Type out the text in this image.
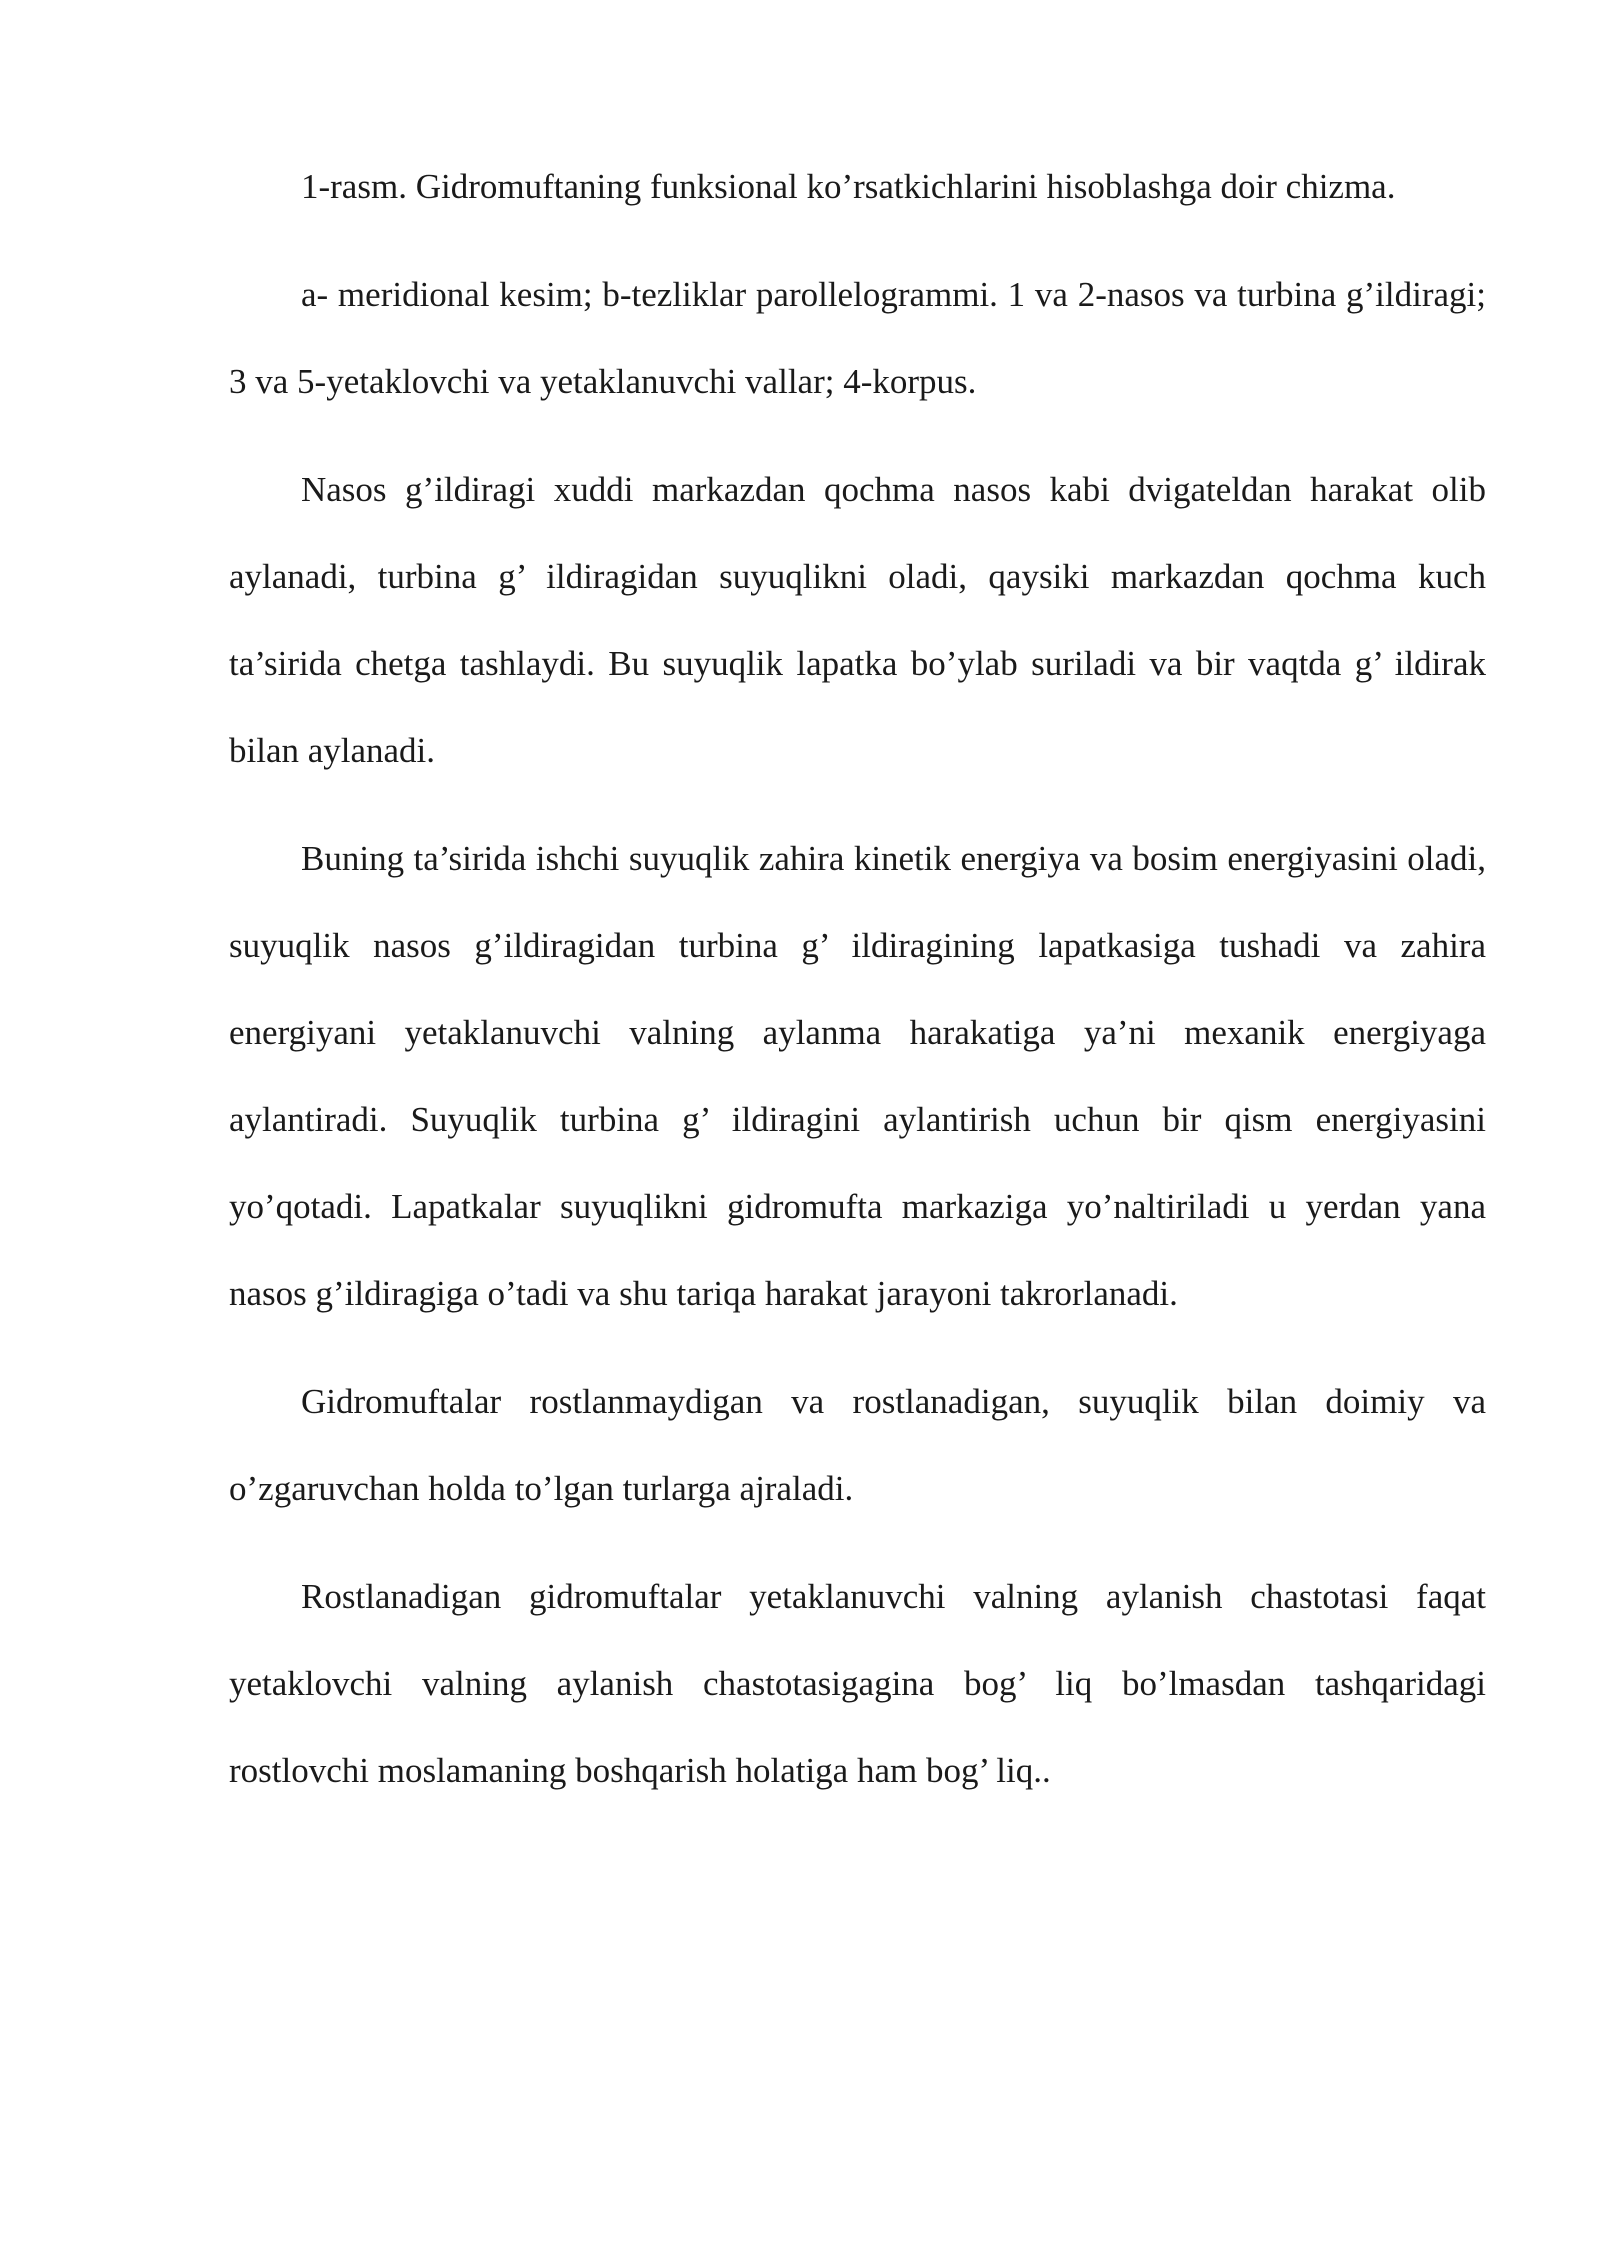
1-rasm. Gidromuftaning funksional ko’rsatkichlarini hisoblashga doir chizma.

a- meridional kesim; b-tezliklar parollelogrammi. 1 va 2-nasos va turbina g’ildiragi; 3 va 5-yetaklovchi va yetaklanuvchi vallar; 4-korpus.

Nasos g’ildiragi xuddi markazdan qochma nasos kabi dvigateldan harakat olib aylanadi, turbina g’ ildiragidan suyuqlikni oladi, qaysiki markazdan qochma kuch ta’sirida chetga tashlaydi. Bu suyuqlik lapatka bo’ylab suriladi va bir vaqtda g’ ildirak bilan aylanadi.

Buning ta’sirida ishchi suyuqlik zahira kinetik energiya va bosim energiyasini oladi, suyuqlik nasos g’ildiragidan turbina g’ ildiragining lapatkasiga tushadi va zahira energiyani yetaklanuvchi valning aylanma harakatiga ya’ni mexanik energiyaga aylantiradi. Suyuqlik turbina g’ ildiragini aylantirish uchun bir qism energiyasini yo’qotadi. Lapatkalar suyuqlikni gidromufta markaziga yo’naltiriladi u yerdan yana nasos g’ildiragiga o’tadi va shu tariqa harakat jarayoni takrorlanadi.

Gidromuftalar rostlanmaydigan va rostlanadigan, suyuqlik bilan doimiy va o’zgaruvchan holda to’lgan turlarga ajraladi.

Rostlanadigan gidromuftalar yetaklanuvchi valning aylanish chastotasi faqat yetaklovchi valning aylanish chastotasigagina bog’ liq bo’lmasdan tashqaridagi rostlovchi moslamaning boshqarish holatiga ham bog’ liq..
